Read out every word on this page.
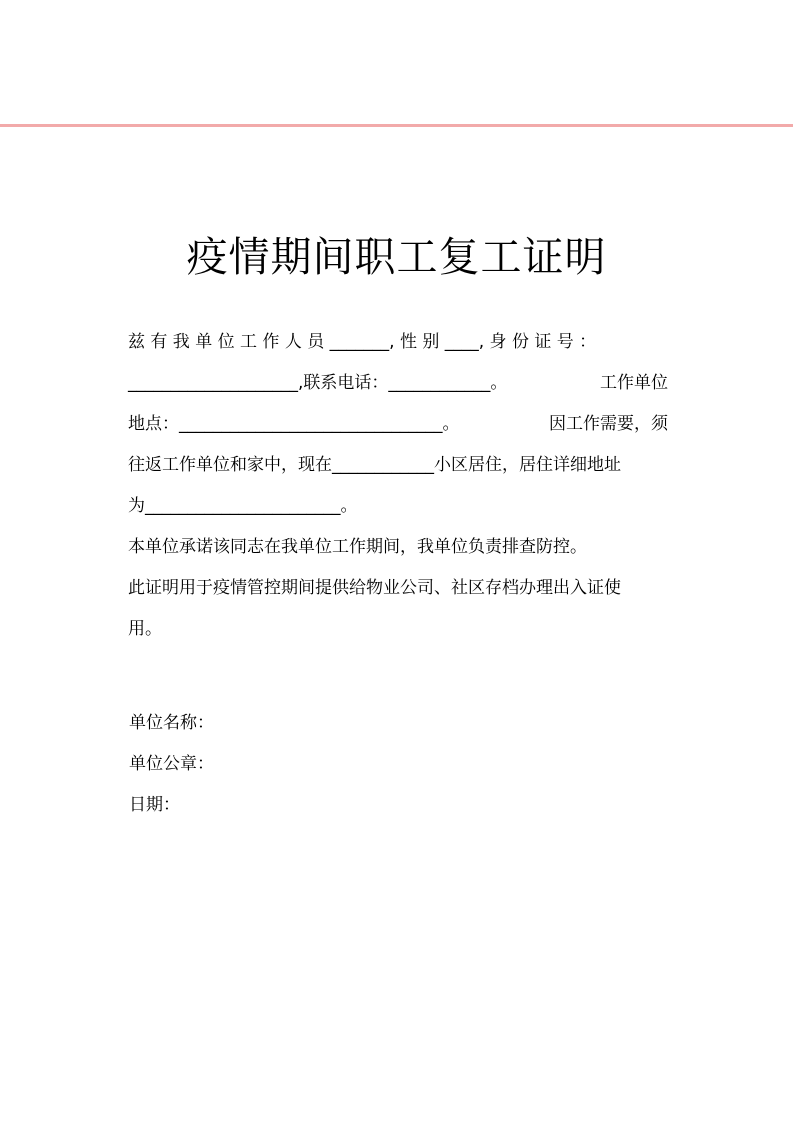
疫情期间职工复工证明
兹 有 我 单 位 工 作 人 员 _______, 性 别 ____, 身 份 证 号 ：
____________________,联系电话：____________。	工作单位
地点：_______________________________。	因工作需要，须
往返工作单位和家中，现在____________小区居住，居住详细地址
为_______________________。
本单位承诺该同志在我单位工作期间，我单位负责排查防控。
此证明用于疫情管控期间提供给物业公司、社区存档办理出入证使
用。
单位名称：
单位公章：
日期：
